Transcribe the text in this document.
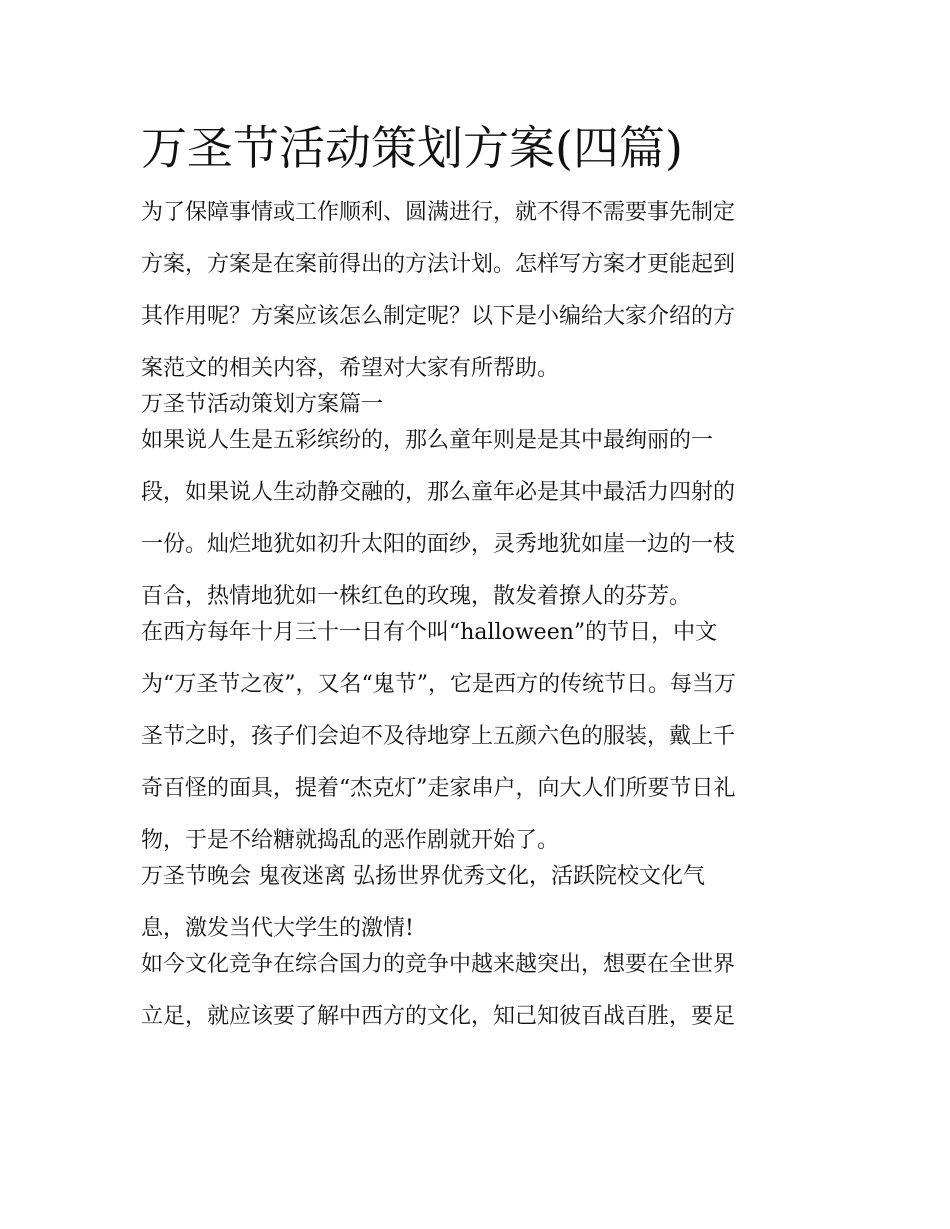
万圣节活动策划方案(四篇)
为了保障事情或工作顺利、圆满进行，就不得不需要事先制定
方案，方案是在案前得出的方法计划。怎样写方案才更能起到
其作用呢？方案应该怎么制定呢？以下是小编给大家介绍的方
案范文的相关内容，希望对大家有所帮助。
万圣节活动策划方案篇一
如果说人生是五彩缤纷的，那么童年则是是其中最绚丽的一
段，如果说人生动静交融的，那么童年必是其中最活力四射的
一份。灿烂地犹如初升太阳的面纱，灵秀地犹如崖一边的一枝
百合，热情地犹如一株红色的玫瑰，散发着撩人的芬芳。
在西方每年十月三十一日有个叫“halloween”的节日，中文
为“万圣节之夜”，又名“鬼节”，它是西方的传统节日。每当万
圣节之时，孩子们会迫不及待地穿上五颜六色的服装，戴上千
奇百怪的面具，提着“杰克灯”走家串户，向大人们所要节日礼
物，于是不给糖就捣乱的恶作剧就开始了。
万圣节晚会 鬼夜迷离 弘扬世界优秀文化，活跃院校文化气
息，激发当代大学生的激情!
如今文化竞争在综合国力的竞争中越来越突出，想要在全世界
立足，就应该要了解中西方的文化，知己知彼百战百胜，要足
